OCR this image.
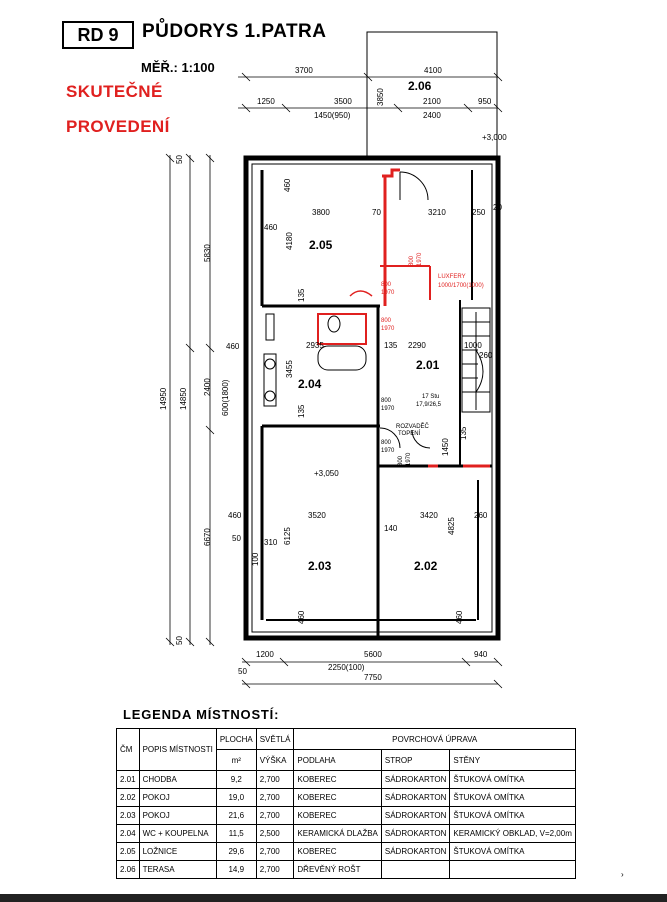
RD 9	PŮDORYS 1.PATRA
MĚŘ.: 1:100
SKUTEČNÉ
PROVEDENÍ
2.06
+3,000
2.05
2.01
2.04
2.03	2.02
+3,050
LUXFERY
1000/1700(1000)
17 Stu
17,9/26,5
ROZVADĚČ
TOPENÍ
3700	4100
1250	3500	2100	950
1450(950)	2400
3850
50
5830
14950 14850
460
2400 600(1800)
6670
50
460
3800	70	3210	250
20
460
4180
135
800
1970
800
1970
800 1970
800
1970
800
1970
800 1970
2935	135 2290	1000
260
3455
135
1450
135
460	3520
140
3420	260
50	310
100
6125
4825
460	460
1200	5600	940
2250(100)
50
7750
LEGENDA MÍSTNOSTÍ:
ČM	POPIS MÍSTNOSTI	PLOCHA	SVĚTLÁ	POVRCHOVÁ ÚPRAVA		
		m²	VÝŠKA	PODLAHA	STROP	STĚNY
2.01	CHODBA	9,2	2,700	KOBEREC	SÁDROKARTON	ŠTUKOVÁ OMÍTKA
2.02	POKOJ	19,0	2,700	KOBEREC	SÁDROKARTON	ŠTUKOVÁ OMÍTKA
2.03	POKOJ	21,6	2,700	KOBEREC	SÁDROKARTON	ŠTUKOVÁ OMÍTKA
2.04	WC + KOUPELNA	11,5	2,500	KERAMICKÁ DLAŽBA	SÁDROKARTON	KERAMICKÝ OBKLAD, V=2,00m
2.05	LOŽNICE	29,6	2,700	KOBEREC	SÁDROKARTON	ŠTUKOVÁ OMÍTKA
2.06	TERASA	14,9	2,700	DŘEVĚNÝ ROŠT		
›
